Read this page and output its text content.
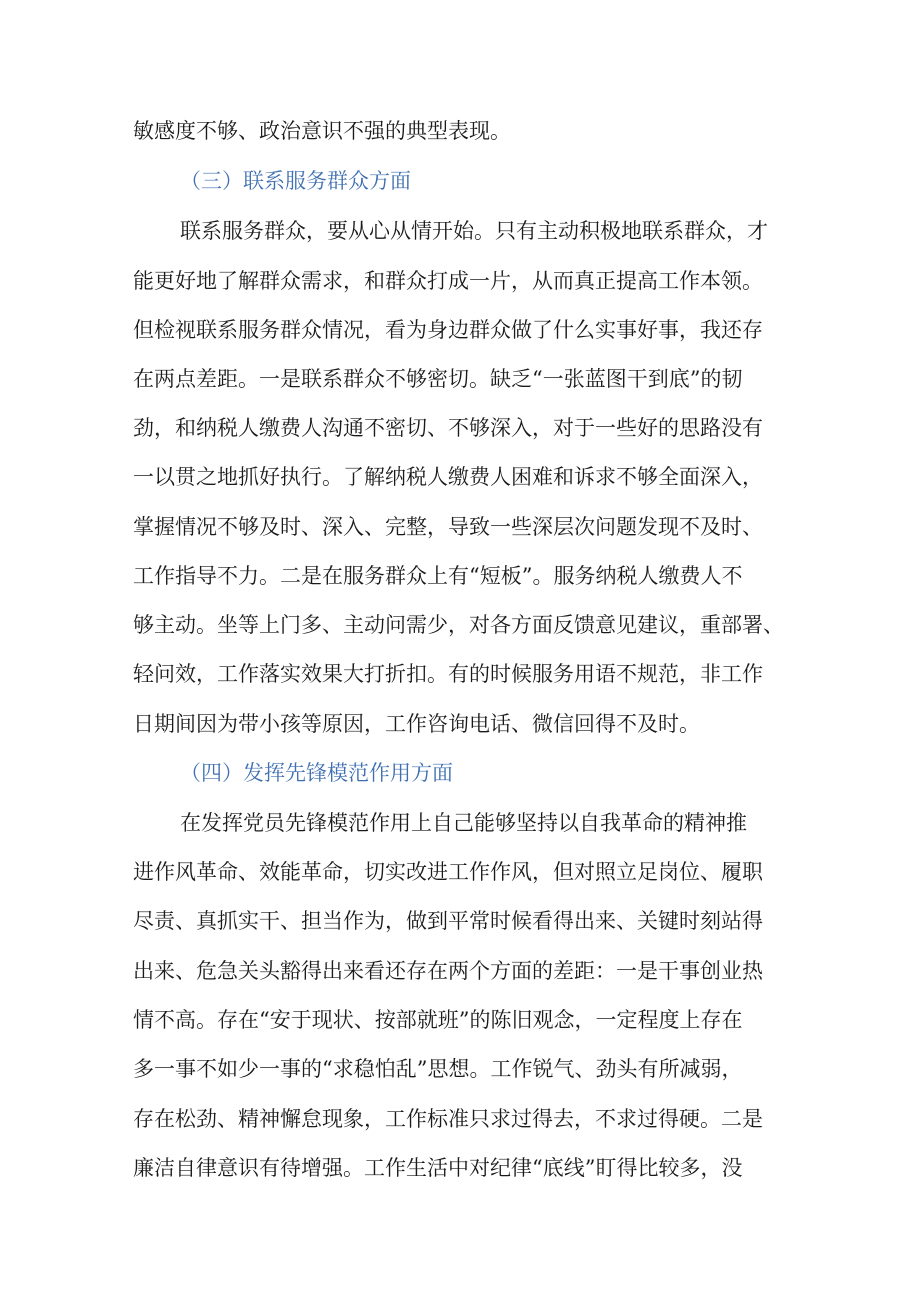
敏感度不够、政治意识不强的典型表现。
（三）联系服务群众方面
联系服务群众，要从心从情开始。只有主动积极地联系群众，才
能更好地了解群众需求，和群众打成一片，从而真正提高工作本领。
但检视联系服务群众情况，看为身边群众做了什么实事好事，我还存
在两点差距。一是联系群众不够密切。缺乏“一张蓝图干到底”的韧
劲，和纳税人缴费人沟通不密切、不够深入，对于一些好的思路没有
一以贯之地抓好执行。了解纳税人缴费人困难和诉求不够全面深入，
掌握情况不够及时、深入、完整，导致一些深层次问题发现不及时、
工作指导不力。二是在服务群众上有“短板”。服务纳税人缴费人不
够主动。坐等上门多、主动问需少，对各方面反馈意见建议，重部署、
轻问效，工作落实效果大打折扣。有的时候服务用语不规范，非工作
日期间因为带小孩等原因，工作咨询电话、微信回得不及时。
（四）发挥先锋模范作用方面
在发挥党员先锋模范作用上自己能够坚持以自我革命的精神推
进作风革命、效能革命，切实改进工作作风，但对照立足岗位、履职
尽责、真抓实干、担当作为，做到平常时候看得出来、关键时刻站得
出来、危急关头豁得出来看还存在两个方面的差距：一是干事创业热
情不高。存在“安于现状、按部就班”的陈旧观念，一定程度上存在
多一事不如少一事的“求稳怕乱”思想。工作锐气、劲头有所减弱，
存在松劲、精神懈怠现象，工作标准只求过得去，不求过得硬。二是
廉洁自律意识有待增强。工作生活中对纪律“底线”盯得比较多，没
